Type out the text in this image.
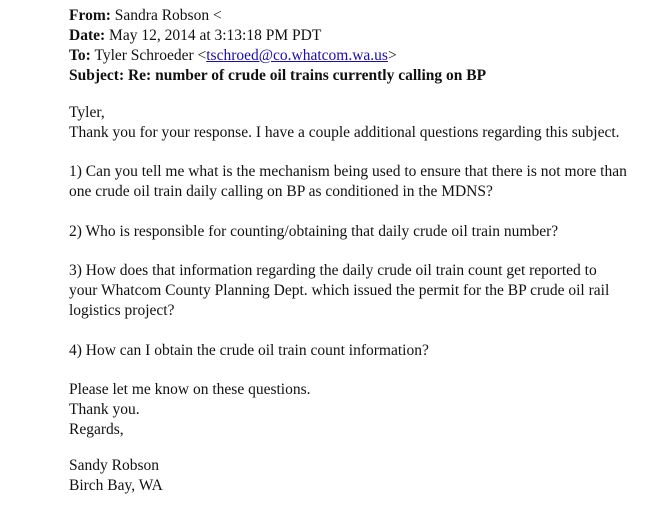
From: Sandra Robson <
Date: May 12, 2014 at 3:13:18 PM PDT
To: Tyler Schroeder <tschroed@co.whatcom.wa.us>
Subject: Re: number of crude oil trains currently calling on BP
Tyler,
Thank you for your response. I have a couple additional questions regarding this subject.
1) Can you tell me what is the mechanism being used to ensure that there is not more than
one crude oil train daily calling on BP as conditioned in the MDNS?
2) Who is responsible for counting/obtaining that daily crude oil train number?
3) How does that information regarding the daily crude oil train count get reported to
your Whatcom County Planning Dept. which issued the permit for the BP crude oil rail
logistics project?
4) How can I obtain the crude oil train count information?
Please let me know on these questions.
Thank you.
Regards,
Sandy Robson
Birch Bay, WA
